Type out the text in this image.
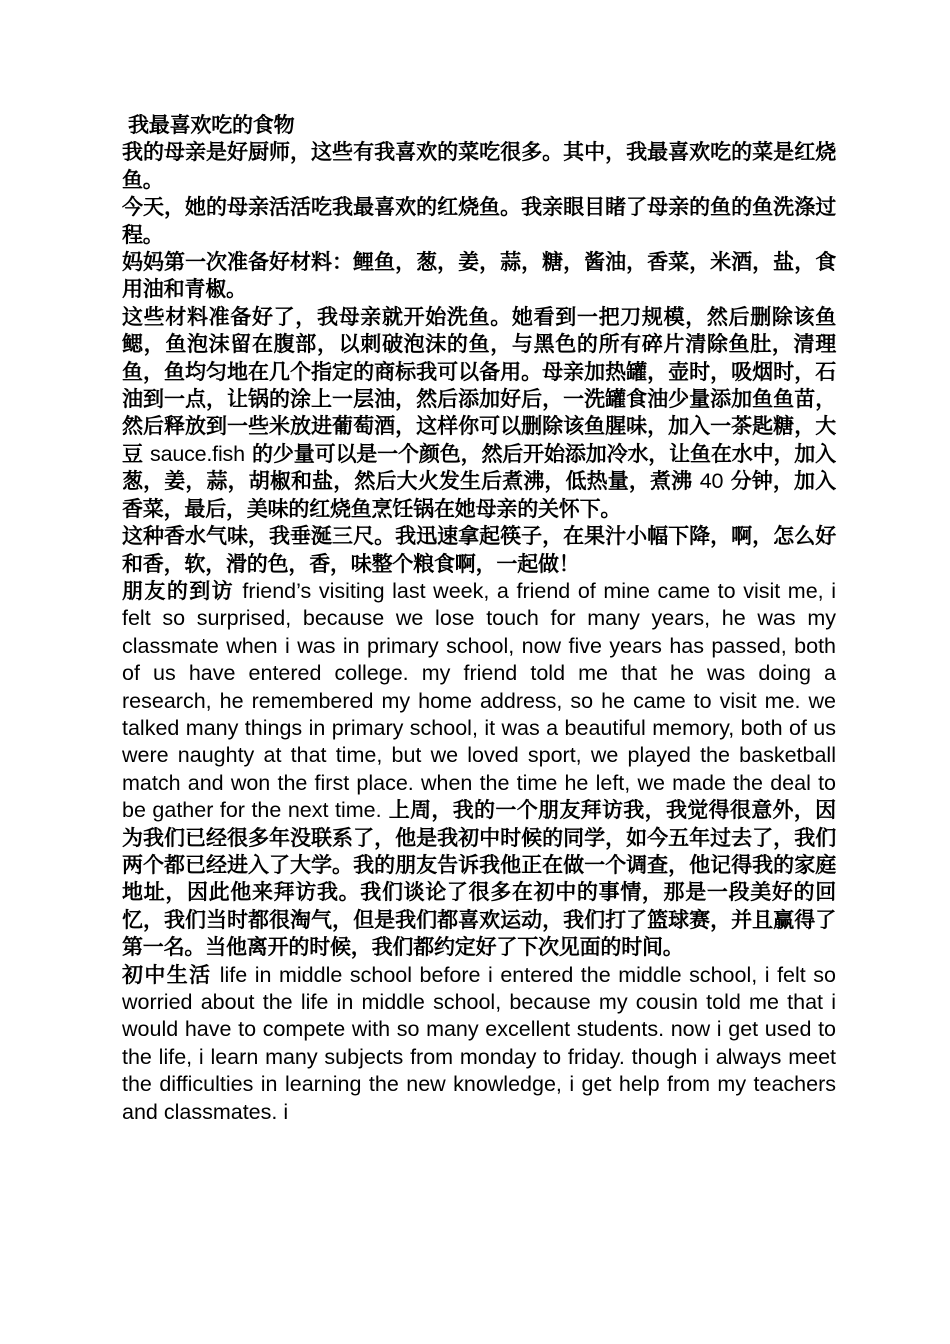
我最喜欢吃的食物

我的母亲是好厨师，这些有我喜欢的菜吃很多。其中，我最喜欢吃的菜是红烧鱼。

今天，她的母亲活活吃我最喜欢的红烧鱼。我亲眼目睹了母亲的鱼的鱼洗涤过程。

妈妈第一次准备好材料：鲤鱼，葱，姜，蒜，糖，酱油，香菜，米酒，盐，食用油和青椒。

这些材料准备好了，我母亲就开始洗鱼。她看到一把刀规模，然后删除该鱼鳃，鱼泡沫留在腹部，以刺破泡沫的鱼，与黑色的所有碎片清除鱼肚，清理鱼，鱼均匀地在几个指定的商标我可以备用。母亲加热罐，壶时，吸烟时，石油到一点，让锅的涂上一层油，然后添加好后，一洗罐食油少量添加鱼鱼苗，然后释放到一些米放进葡萄酒，这样你可以删除该鱼腥味，加入一茶匙糖，大豆 sauce.fish 的少量可以是一个颜色，然后开始添加冷水，让鱼在水中，加入葱，姜，蒜，胡椒和盐，然后大火发生后煮沸，低热量，煮沸 40 分钟，加入香菜，最后，美味的红烧鱼烹饪锅在她母亲的关怀下。

这种香水气味，我垂涎三尺。我迅速拿起筷子，在果汁小幅下降，啊，怎么好和香，软，滑的色，香，味整个粮食啊，一起做！

朋友的到访 friend’s visiting last week, a friend of mine came to visit me, i felt so surprised, because we lose touch for many years, he was my classmate when i was in primary school, now five years has passed, both of us have entered college. my friend told me that he was doing a research, he remembered my home address, so he came to visit me. we talked many things in primary school, it was a beautiful memory, both of us were naughty at that time, but we loved sport, we played the basketball match and won the first place. when the time he left, we made the deal to be gather for the next time. 上周，我的一个朋友拜访我，我觉得很意外，因为我们已经很多年没联系了，他是我初中时候的同学，如今五年过去了，我们两个都已经进入了大学。我的朋友告诉我他正在做一个调查，他记得我的家庭地址，因此他来拜访我。我们谈论了很多在初中的事情，那是一段美好的回忆，我们当时都很淘气，但是我们都喜欢运动，我们打了篮球赛，并且赢得了第一名。当他离开的时候，我们都约定好了下次见面的时间。

初中生活 life in middle school before i entered the middle school, i felt so worried about the life in middle school, because my cousin told me that i would have to compete with so many excellent students. now i get used to the life, i learn many subjects from monday to friday. though i always meet the difficulties in learning the new knowledge, i get help from my teachers and classmates. i
